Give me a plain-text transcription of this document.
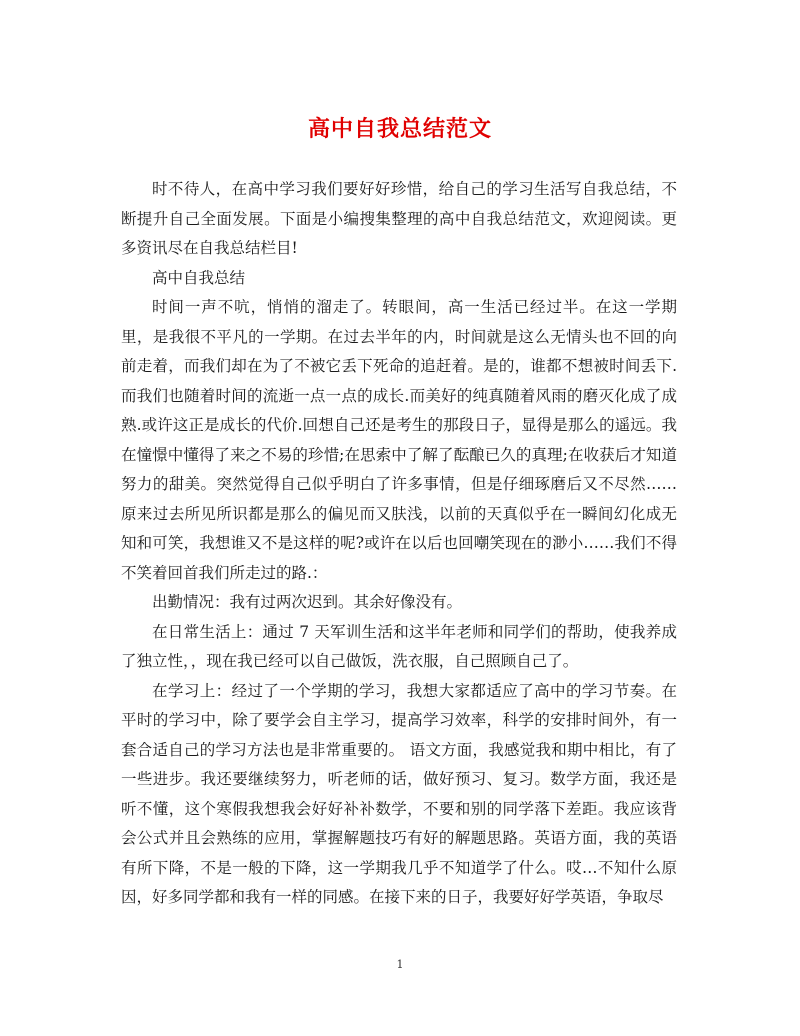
高中自我总结范文

时不待人，在高中学习我们要好好珍惜，给自己的学习生活写自我总结，不断提升自己全面发展。下面是小编搜集整理的高中自我总结范文，欢迎阅读。更多资讯尽在自我总结栏目!

高中自我总结

时间一声不吭，悄悄的溜走了。转眼间，高一生活已经过半。在这一学期里，是我很不平凡的一学期。在过去半年的内，时间就是这么无情头也不回的向前走着，而我们却在为了不被它丢下死命的追赶着。是的，谁都不想被时间丢下.而我们也随着时间的流逝一点一点的成长.而美好的纯真随着风雨的磨灭化成了成熟.或许这正是成长的代价.回想自己还是考生的那段日子，显得是那么的遥远。我在憧憬中懂得了来之不易的珍惜;在思索中了解了酝酿已久的真理;在收获后才知道努力的甜美。突然觉得自己似乎明白了许多事情，但是仔细琢磨后又不尽然……原来过去所见所识都是那么的偏见而又肤浅，以前的天真似乎在一瞬间幻化成无知和可笑，我想谁又不是这样的呢?或许在以后也回嘲笑现在的渺小……我们不得不笑着回首我们所走过的路.：

出勤情况：我有过两次迟到。其余好像没有。

在日常生活上：通过 7 天军训生活和这半年老师和同学们的帮助，使我养成了独立性，，现在我已经可以自己做饭，洗衣服，自己照顾自己了。

在学习上：经过了一个学期的学习，我想大家都适应了高中的学习节奏。在平时的学习中，除了要学会自主学习，提高学习效率，科学的安排时间外，有一套合适自己的学习方法也是非常重要的。 语文方面，我感觉我和期中相比，有了一些进步。我还要继续努力，听老师的话，做好预习、复习。数学方面，我还是听不懂，这个寒假我想我会好好补补数学，不要和别的同学落下差距。我应该背会公式并且会熟练的应用，掌握解题技巧有好的解题思路。英语方面，我的英语有所下降，不是一般的下降，这一学期我几乎不知道学了什么。哎…不知什么原因，好多同学都和我有一样的同感。在接下来的日子，我要好好学英语，争取尽

1
